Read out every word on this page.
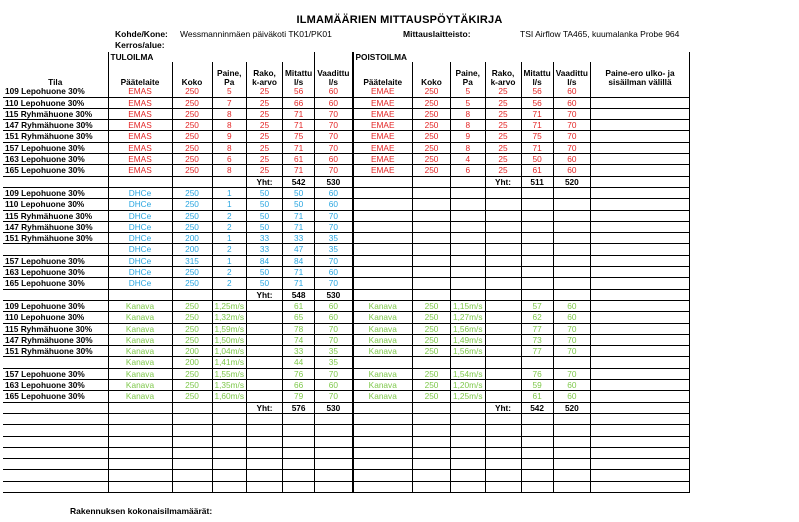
ILMAMÄÄRIEN MITTAUSPÖYTÄKIRJA
Kohde/Kone: Wessmanninmäen päiväkoti TK01/PK01	Mittauslaitteisto:	TSI Airflow TA465, kuumalanka Probe 964
Kerros/alue:
	TULOILMA						POISTOILMA						
Tila	Päätelaite	Koko	Paine, Pa	Rako, k-arvo	Mitattu l/s	Vaadittu l/s	Päätelaite	Koko	Paine, Pa	Rako, k-arvo	Mitattu l/s	Vaadittu l/s	Paine-ero ulko- ja sisäilman välillä
109 Lepohuone 30%	EMAS	250	5	25	56	60	EMAE	250	5	25	56	60	
110 Lepohuone 30%	EMAS	250	7	25	66	60	EMAE	250	5	25	56	60	
115 Ryhmähuone 30%	EMAS	250	8	25	71	70	EMAE	250	8	25	71	70	
147 Ryhmähuone 30%	EMAS	250	8	25	71	70	EMAE	250	8	25	71	70	
151 Ryhmähuone 30%	EMAS	250	9	25	75	70	EMAE	250	9	25	75	70	
157 Lepohuone 30%	EMAS	250	8	25	71	70	EMAE	250	8	25	71	70	
163 Lepohuone 30%	EMAS	250	6	25	61	60	EMAE	250	4	25	50	60	
165 Lepohuone 30%	EMAS	250	8	25	71	70	EMAE	250	6	25	61	60	
				Yht:	542	530				Yht:	511	520	
109 Lepohuone 30%	DHCe	250	1	50	50	60							
110 Lepohuone 30%	DHCe	250	1	50	50	60							
115 Ryhmähuone 30%	DHCe	250	2	50	71	70							
147 Ryhmähuone 30%	DHCe	250	2	50	71	70							
151 Ryhmähuone 30%	DHCe	200	1	33	33	35							
	DHCe	200	2	33	47	35							
157 Lepohuone 30%	DHCe	315	1	84	84	70							
163 Lepohuone 30%	DHCe	250	2	50	71	60							
165 Lepohuone 30%	DHCe	250	2	50	71	70							
				Yht:	548	530							
109 Lepohuone 30%	Kanava	250	1,25m/s		61	60	Kanava	250	1,15m/s		57	60	
110 Lepohuone 30%	Kanava	250	1,32m/s		65	60	Kanava	250	1,27m/s		62	60	
115 Ryhmähuone 30%	Kanava	250	1,59m/s		78	70	Kanava	250	1,56m/s		77	70	
147 Ryhmähuone 30%	Kanava	250	1,50m/s		74	70	Kanava	250	1,49m/s		73	70	
151 Ryhmähuone 30%	Kanava	200	1,04m/s		33	35	Kanava	250	1,56m/s		77	70	
	Kanava	200	1,41m/s		44	35							
157 Lepohuone 30%	Kanava	250	1,55m/s		76	70	Kanava	250	1,54m/s		76	70	
163 Lepohuone 30%	Kanava	250	1,35m/s		66	60	Kanava	250	1,20m/s		59	60	
165 Lepohuone 30%	Kanava	250	1,60m/s		79	70	Kanava	250	1,25m/s		61	60	
				Yht:	576	530				Yht:	542	520	

Rakennuksen kokonaisilmamäärät:
